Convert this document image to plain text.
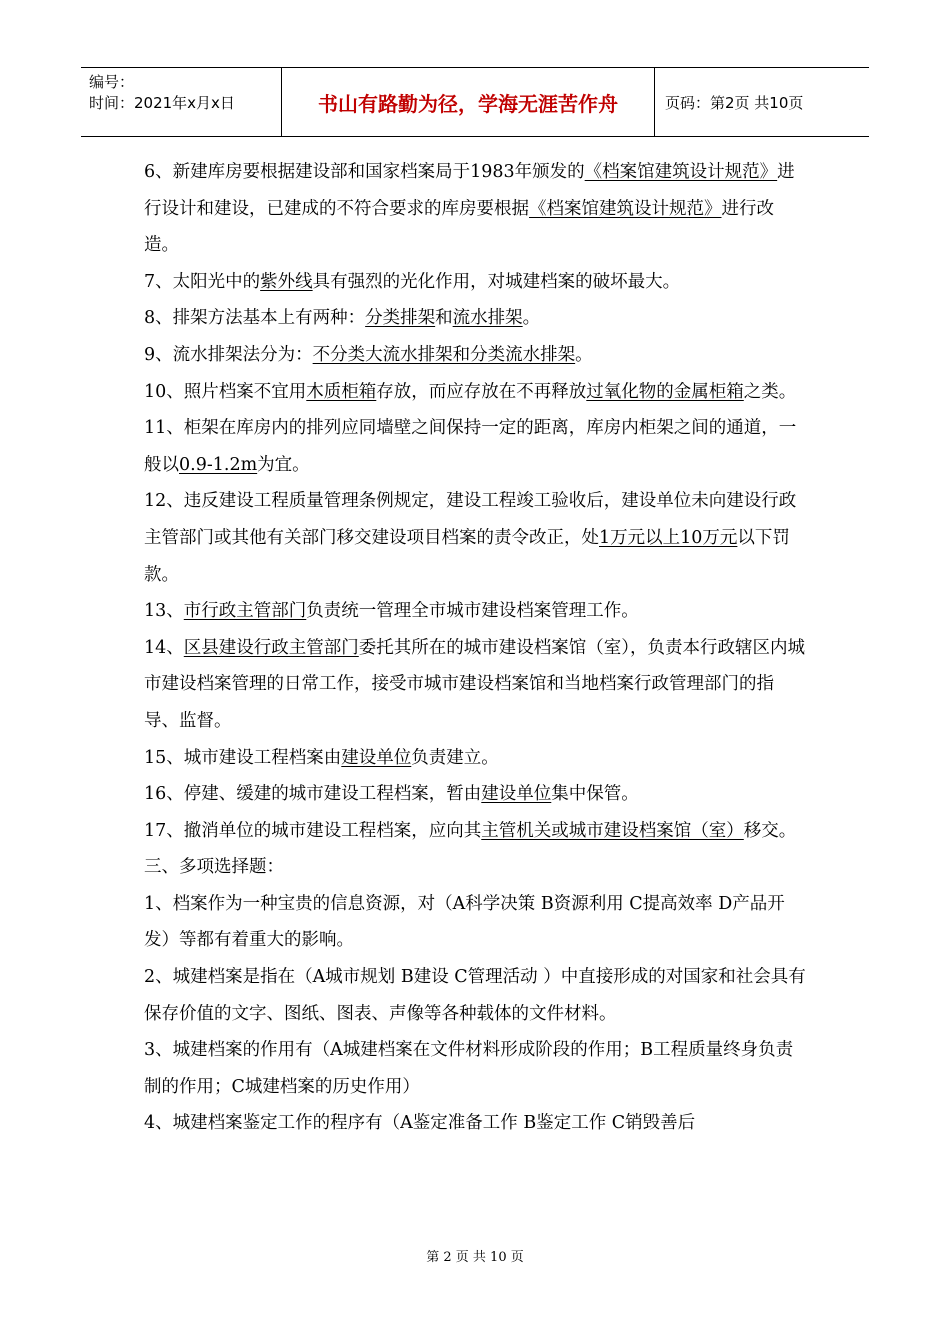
编号：
时间：2021年x月x日	书山有路勤为径，学海无涯苦作舟	页码：第2页 共10页

6、新建库房要根据建设部和国家档案局于1983年颁发的《档案馆建筑设计规范》进行设计和建设，已建成的不符合要求的库房要根据《档案馆建筑设计规范》进行改造。

7、太阳光中的紫外线具有强烈的光化作用，对城建档案的破坏最大。

8、排架方法基本上有两种：分类排架和流水排架。

9、流水排架法分为：不分类大流水排架和分类流水排架。

10、照片档案不宜用木质柜箱存放，而应存放在不再释放过氧化物的金属柜箱之类。

11、柜架在库房内的排列应同墙壁之间保持一定的距离，库房内柜架之间的通道，一般以0.9-1.2m为宜。

12、违反建设工程质量管理条例规定，建设工程竣工验收后，建设单位未向建设行政主管部门或其他有关部门移交建设项目档案的责令改正，处1万元以上10万元以下罚款。

13、市行政主管部门负责统一管理全市城市建设档案管理工作。

14、区县建设行政主管部门委托其所在的城市建设档案馆（室），负责本行政辖区内城市建设档案管理的日常工作，接受市城市建设档案馆和当地档案行政管理部门的指导、监督。

15、城市建设工程档案由建设单位负责建立。

16、停建、缓建的城市建设工程档案，暂由建设单位集中保管。

17、撤消单位的城市建设工程档案，应向其主管机关或城市建设档案馆（室）移交。

三、多项选择题：

1、档案作为一种宝贵的信息资源，对（A科学决策 B资源利用 C提高效率 D产品开发）等都有着重大的影响。

2、城建档案是指在（A城市规划 B建设 C管理活动 ）中直接形成的对国家和社会具有保存价值的文字、图纸、图表、声像等各种载体的文件材料。

3、城建档案的作用有（A城建档案在文件材料形成阶段的作用；B工程质量终身负责制的作用；C城建档案的历史作用）

4、城建档案鉴定工作的程序有（A鉴定准备工作 B鉴定工作 C销毁善后

第 2 页 共 10 页
